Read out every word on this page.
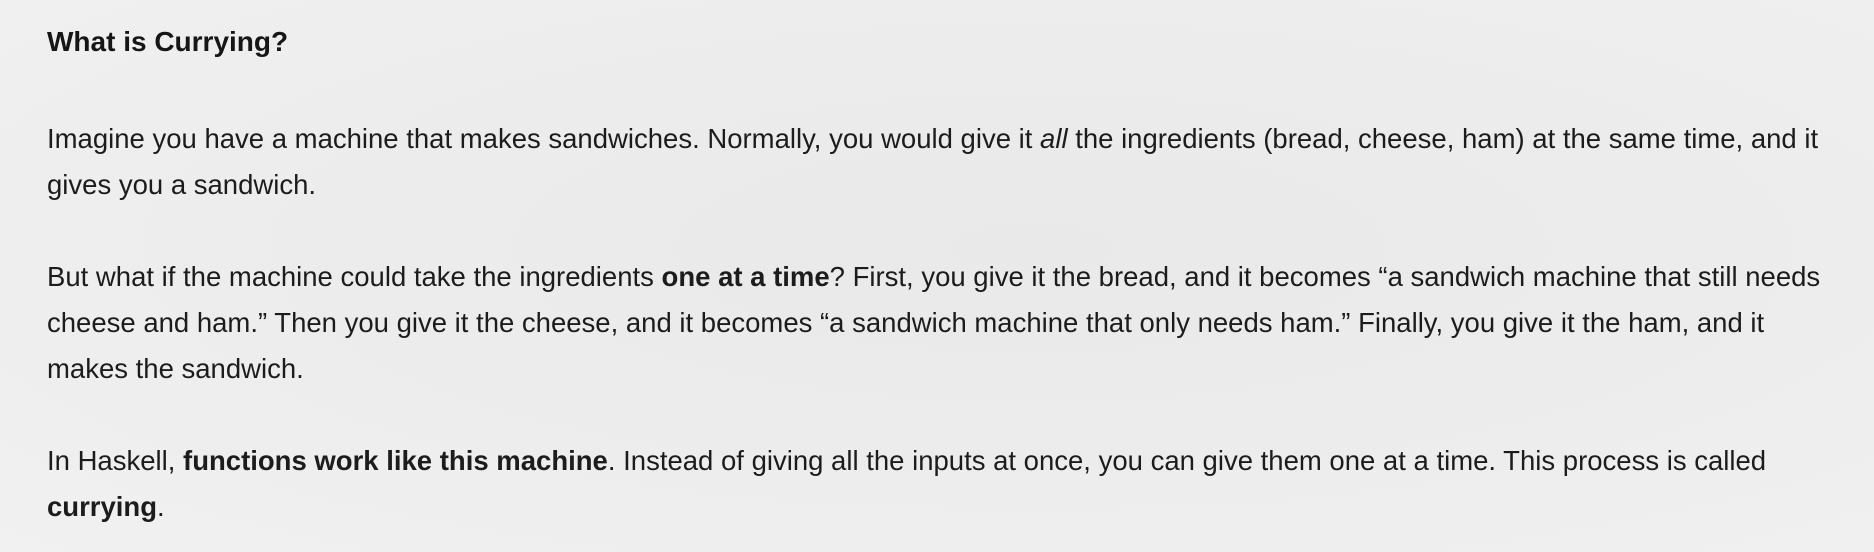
What is Currying?

Imagine you have a machine that makes sandwiches. Normally, you would give it all the ingredients (bread, cheese, ham) at the same time, and it gives you a sandwich.

But what if the machine could take the ingredients one at a time? First, you give it the bread, and it becomes “a sandwich machine that still needs cheese and ham.” Then you give it the cheese, and it becomes “a sandwich machine that only needs ham.” Finally, you give it the ham, and it makes the sandwich.

In Haskell, functions work like this machine. Instead of giving all the inputs at once, you can give them one at a time. This process is called currying.
